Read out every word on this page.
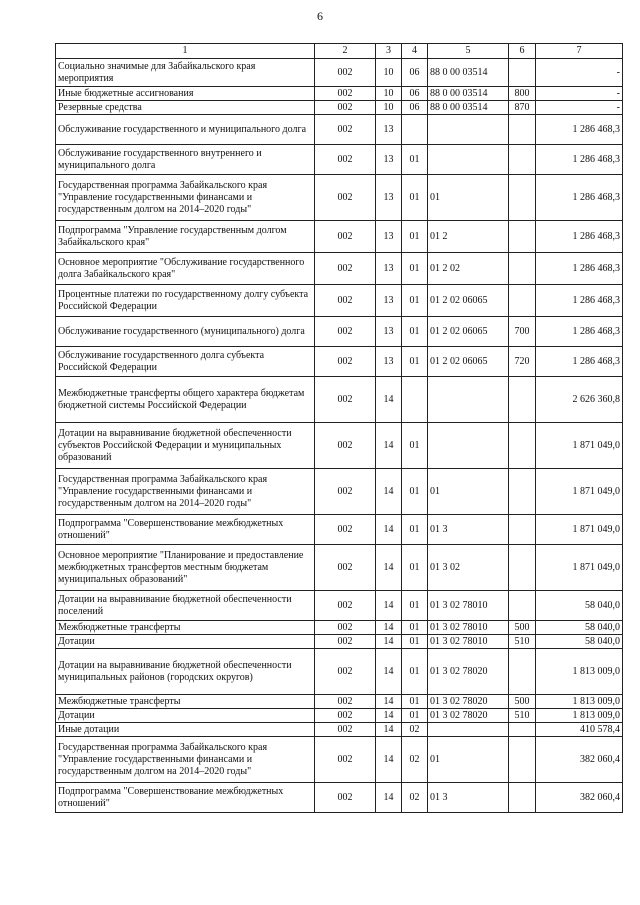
6
1	2	3	4	5	6	7
Социально значимые для Забайкальского края мероприятия	002	10	06	88 0 00 03514		-
Иные бюджетные ассигнования	002	10	06	88 0 00 03514	800	-
Резервные средства	002	10	06	88 0 00 03514	870	-
Обслуживание государственного и муниципального долга	002	13				1 286 468,3
Обслуживание государственного внутреннего и муниципального долга	002	13	01			1 286 468,3
Государственная программа Забайкальского края "Управление государственными финансами и государственным долгом на 2014–2020 годы"	002	13	01	01		1 286 468,3
Подпрограмма "Управление государственным долгом Забайкальского края"	002	13	01	01 2		1 286 468,3
Основное мероприятие "Обслуживание государственного долга Забайкальского края"	002	13	01	01 2 02		1 286 468,3
Процентные платежи по государственному долгу субъекта Российской Федерации	002	13	01	01 2 02 06065		1 286 468,3
Обслуживание государственного (муниципального) долга	002	13	01	01 2 02 06065	700	1 286 468,3
Обслуживание государственного долга субъекта Российской Федерации	002	13	01	01 2 02 06065	720	1 286 468,3
Межбюджетные трансферты общего характера бюджетам бюджетной системы Российской Федерации	002	14				2 626 360,8
Дотации на выравнивание бюджетной обеспеченности субъектов Российской Федерации и муниципальных образований	002	14	01			1 871 049,0
Государственная программа Забайкальского края "Управление государственными финансами и государственным долгом на 2014–2020 годы"	002	14	01	01		1 871 049,0
Подпрограмма "Совершенствование межбюджетных отношений"	002	14	01	01 3		1 871 049,0
Основное мероприятие "Планирование и предоставление межбюджетных трансфертов местным бюджетам муниципальных образований"	002	14	01	01 3 02		1 871 049,0
Дотации на выравнивание бюджетной обеспеченности поселений	002	14	01	01 3 02 78010		58 040,0
Межбюджетные трансферты	002	14	01	01 3 02 78010	500	58 040,0
Дотации	002	14	01	01 3 02 78010	510	58 040,0
Дотации на выравнивание бюджетной обеспеченности муниципальных районов (городских округов)	002	14	01	01 3 02 78020		1 813 009,0
Межбюджетные трансферты	002	14	01	01 3 02 78020	500	1 813 009,0
Дотации	002	14	01	01 3 02 78020	510	1 813 009,0
Иные дотации	002	14	02			410 578,4
Государственная программа Забайкальского края "Управление государственными финансами и государственным долгом на 2014–2020 годы"	002	14	02	01		382 060,4
Подпрограмма "Совершенствование межбюджетных отношений"	002	14	02	01 3		382 060,4
